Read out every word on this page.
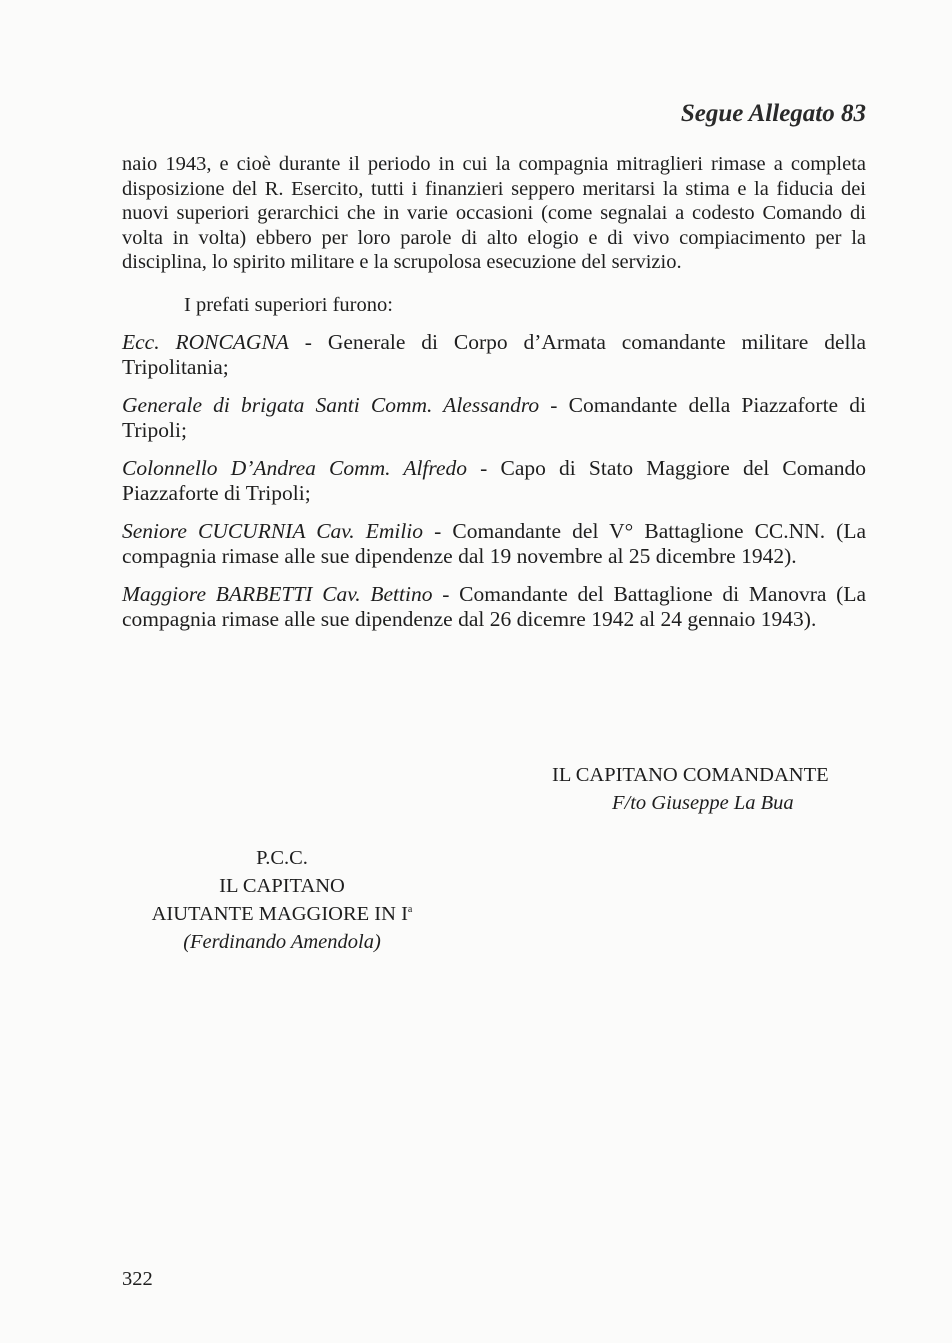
Segue Allegato 83

naio 1943, e cioè durante il periodo in cui la compagnia mitraglieri rimase a completa disposizione del R. Esercito, tutti i finanzieri seppero meritarsi la stima e la fiducia dei nuovi superiori gerarchici che in varie occasioni (come segnalai a codesto Comando di volta in volta) ebbero per loro parole di alto elogio e di vivo compiacimento per la disciplina, lo spirito militare e la scrupolosa esecuzione del servizio.

I prefati superiori furono:

Ecc. RONCAGNA - Generale di Corpo d’Armata comandante militare della Tripolitania;

Generale di brigata Santi Comm. Alessandro - Comandante della Piazzaforte di Tripoli;

Colonnello D’Andrea Comm. Alfredo - Capo di Stato Maggiore del Comando Piazzaforte di Tripoli;

Seniore CUCURNIA Cav. Emilio - Comandante del V° Battaglione CC.NN. (La compagnia rimase alle sue dipendenze dal 19 novembre al 25 dicembre 1942).

Maggiore BARBETTI Cav. Bettino - Comandante del Battaglione di Manovra (La compagnia rimase alle sue dipendenze dal 26 dicemre 1942 al 24 gennaio 1943).

IL CAPITANO COMANDANTE
F/to Giuseppe La Bua
P.C.C.
IL CAPITANO
AIUTANTE MAGGIORE IN $I^a$
(Ferdinando Amendola)
322
